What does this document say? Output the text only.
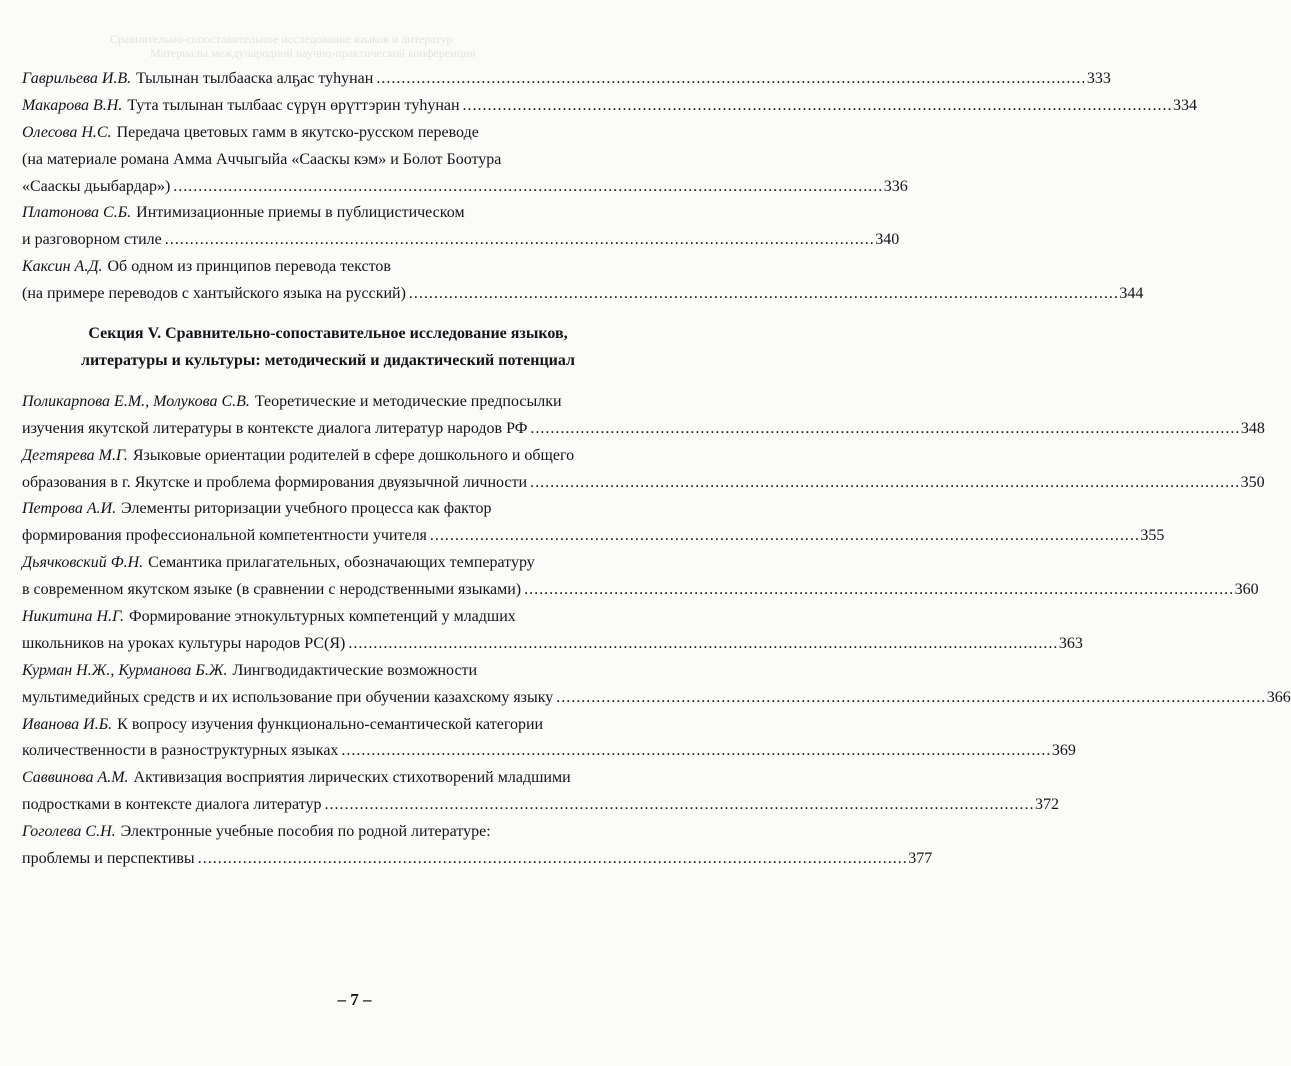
Сравнительно-сопоставительное исследование языков и литератур
Материалы международной научно-практической конференции
Гаврильева И.В. Тылынан тылбааска алҕас туһунан . . .	333
Макарова В.Н. Тута тылынан тылбаас сүрүн өрүттэрин туһунан . . .	334
Олесова Н.С. Передача цветовых гамм в якутско-русском переводе
(на материале романа Амма Аччыгыйа «Сааскы кэм» и Болот Боотура
«Сааскы дьыбардар») . . .	336
Платонова С.Б. Интимизационные приемы в публицистическом
и разговорном стиле . . .	340
Каксин А.Д. Об одном из принципов перевода текстов
(на примере переводов с хантыйского языка на русский) . . .	344
Секция V. Сравнительно-сопоставительное исследование языков,
литературы и культуры: методический и дидактический потенциал
Поликарпова Е.М., Молукова С.В. Теоретические и методические предпосылки
изучения якутской литературы в контексте диалога литератур народов РФ . . .	348
Дегтярева М.Г. Языковые ориентации родителей в сфере дошкольного и общего
образования в г. Якутске и проблема формирования двуязычной личности . . .	350
Петрова А.И. Элементы риторизации учебного процесса как фактор
формирования профессиональной компетентности учителя . . .	355
Дьячковский Ф.Н. Семантика прилагательных, обозначающих температуру
в современном якутском языке (в сравнении с неродственными языками) . . .	360
Никитина Н.Г. Формирование этнокультурных компетенций у младших
школьников на уроках культуры народов РС(Я) . . .	363
Курман Н.Ж., Курманова Б.Ж. Лингводидактические возможности
мультимедийных средств и их использование при обучении казахскому языку . . .	366
Иванова И.Б. К вопросу изучения функционально-семантической категории
количественности в разноструктурных языках . . .	369
Саввинова А.М. Активизация восприятия лирических стихотворений младшими
подростками в контексте диалога литератур . . .	372
Гоголева С.Н. Электронные учебные пособия по родной литературе:
проблемы и перспективы . . .	377
– 7 –
